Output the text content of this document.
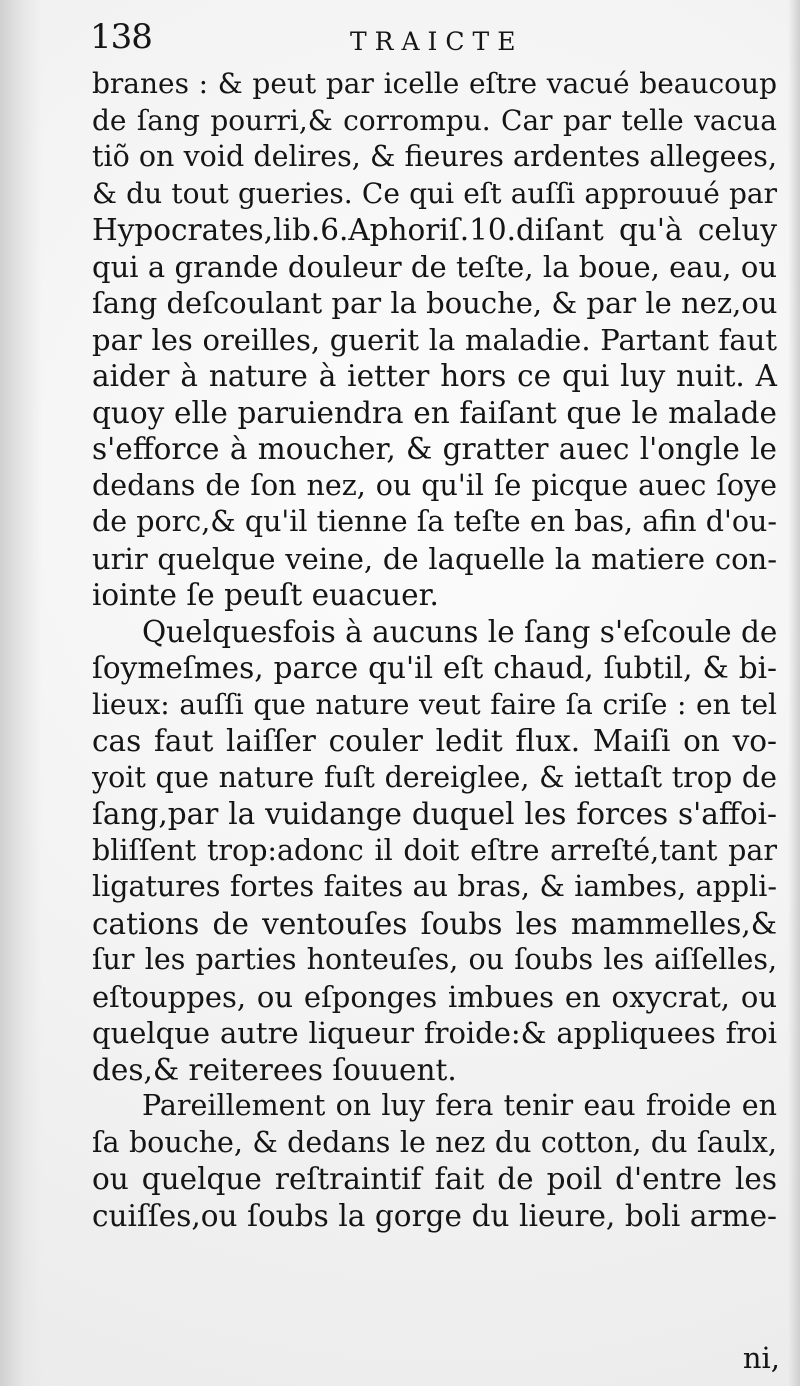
138	TRAICTE
branes : & peut par icelle eſtre vacué beaucoup
de ſang pourri,& corrompu. Car par telle vacua
tiõ on void delires, & fieures ardentes allegees,
& du tout gueries. Ce qui eſt auſſi approuué par
Hypocrates,lib.6.Aphoriſ.10.diſant qu'à celuy
qui a grande douleur de teſte, la boue, eau, ou
ſang deſcoulant par la bouche, & par le nez,ou
par les oreilles, guerit la maladie. Partant faut
aider à nature à ietter hors ce qui luy nuit. A
quoy elle paruiendra en faiſant que le malade
s'efforce à moucher, & gratter auec l'ongle le
dedans de ſon nez, ou qu'il ſe picque auec ſoye
de porc,& qu'il tienne ſa teſte en bas, afin d'ou-
urir quelque veine, de laquelle la matiere con-
iointe ſe peuſt euacuer.
Quelquesfois à aucuns le ſang s'eſcoule de
ſoymeſmes, parce qu'il eſt chaud, ſubtil, & bi-
lieux: auſſi que nature veut faire ſa criſe : en tel
cas faut laiſſer couler ledit flux. Maiſi on vo-
yoit que nature fuſt dereiglee, & iettaſt trop de
ſang,par la vuidange duquel les forces s'affoi-
bliſſent trop:adonc il doit eſtre arreſté,tant par
ligatures fortes faites au bras, & iambes, appli-
cations de ventouſes ſoubs les mammelles,&
ſur les parties honteuſes, ou ſoubs les aiſſelles,
eſtouppes, ou eſponges imbues en oxycrat, ou
quelque autre liqueur froide:& appliquees froi
des,& reiterees ſouuent.
Pareillement on luy fera tenir eau froide en
ſa bouche, & dedans le nez du cotton, du ſaulx,
ou quelque reſtraintif fait de poil d'entre les
cuiſſes,ou ſoubs la gorge du lieure, boli arme-
ni,
